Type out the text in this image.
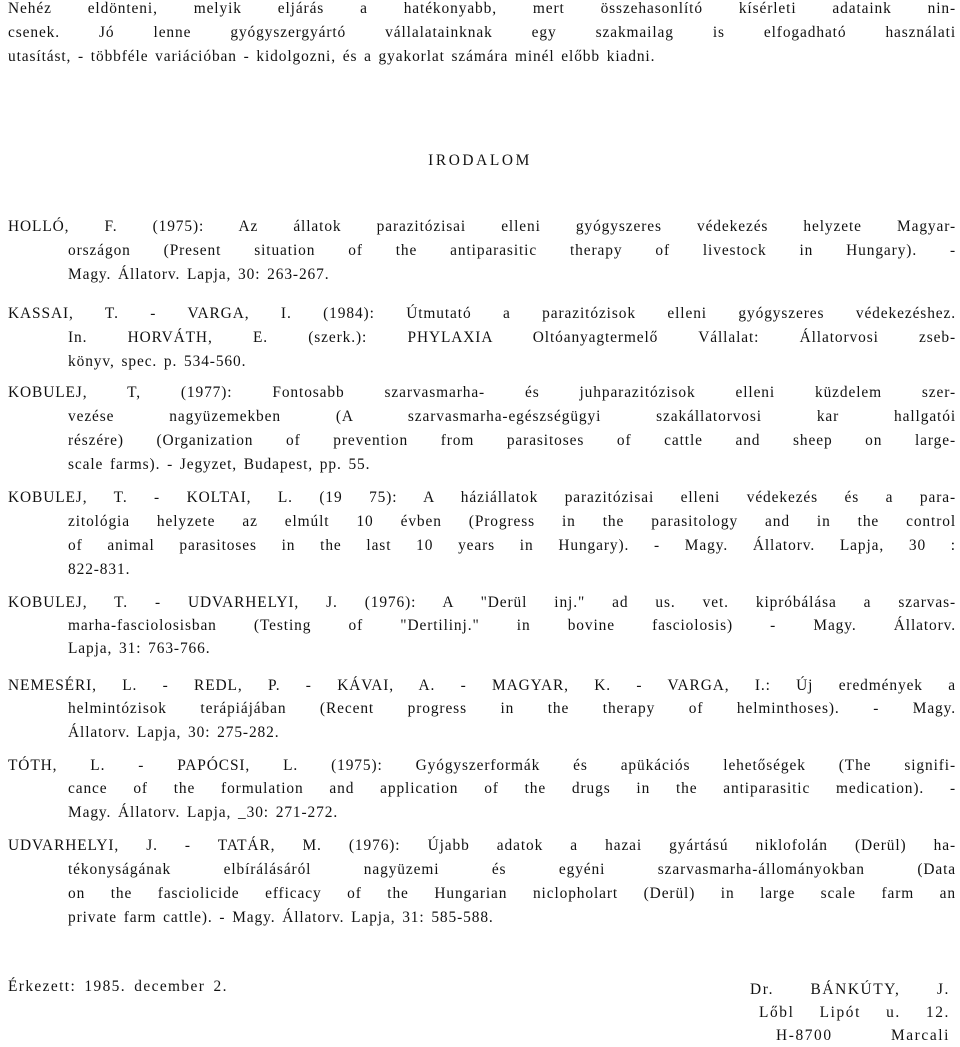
Nehéz eldönteni, melyik eljárás a hatékonyabb, mert összehasonlító kísérleti adataink nin-
csenek. Jó lenne gyógyszergyártó vállalatainknak egy szakmailag is elfogadható használati
utasítást, - többféle variációban - kidolgozni, és a gyakorlat számára minél előbb kiadni.
IRODALOM
HOLLÓ, F. (1975): Az állatok parazitózisai elleni gyógyszeres védekezés helyzete Magyar-
országon (Present situation of the antiparasitic therapy of livestock in Hungary). -
Magy. Állatorv. Lapja, 30: 263-267.
KASSAI, T. - VARGA, I. (1984): Útmutató a parazitózisok elleni gyógyszeres védekezéshez.
In. HORVÁTH, E. (szerk.): PHYLAXIA Oltóanyagtermelő Vállalat: Állatorvosi zseb-
könyv, spec. p. 534-560.
KOBULEJ, T, (1977): Fontosabb szarvasmarha- és juhparazitózisok elleni küzdelem szer-
vezése nagyüzemekben (A szarvasmarha-egészségügyi szakállatorvosi kar hallgatói
részére) (Organization of prevention from parasitoses of cattle and sheep on large-
scale farms). - Jegyzet, Budapest, pp. 55.
KOBULEJ, T. - KOLTAI, L. (19 75): A háziállatok parazitózisai elleni védekezés és a para-
zitológia helyzete az elmúlt 10 évben (Progress in the parasitology and in the control
of animal parasitoses in the last 10 years in Hungary). - Magy. Állatorv. Lapja, 30 :
822-831.
KOBULEJ, T. - UDVARHELYI, J. (1976): A "Derül inj." ad us. vet. kipróbálása a szarvas-
marha-fasciolosisban (Testing of "Dertilinj." in bovine fasciolosis) - Magy. Állatorv.
Lapja, 31: 763-766.
NEMESÉRI, L. - REDL, P. - KÁVAI, A. - MAGYAR, K. - VARGA, I.: Új eredmények a
helmintózisok terápiájában (Recent progress in the therapy of helminthoses). - Magy.
Állatorv. Lapja, 30: 275-282.
TÓTH, L. - PAPÓCSI, L. (1975): Gyógyszerformák és apükációs lehetőségek (The signifi-
cance of the formulation and application of the drugs in the antiparasitic medication). -
Magy. Állatorv. Lapja, _30: 271-272.
UDVARHELYI, J. - TATÁR, M. (1976): Újabb adatok a hazai gyártású niklofolán (Derül) ha-
tékonyságának elbírálásáról nagyüzemi és egyéni szarvasmarha-állományokban (Data
on the fasciolicide efficacy of the Hungarian niclopholart (Derül) in large scale farm an
private farm cattle). - Magy. Állatorv. Lapja, 31: 585-588.
Érkezett: 1985. december 2.	Dr. BÁNKÚTY, J.
Lőbl Lipót u. 12.
H-8700 Marcali
